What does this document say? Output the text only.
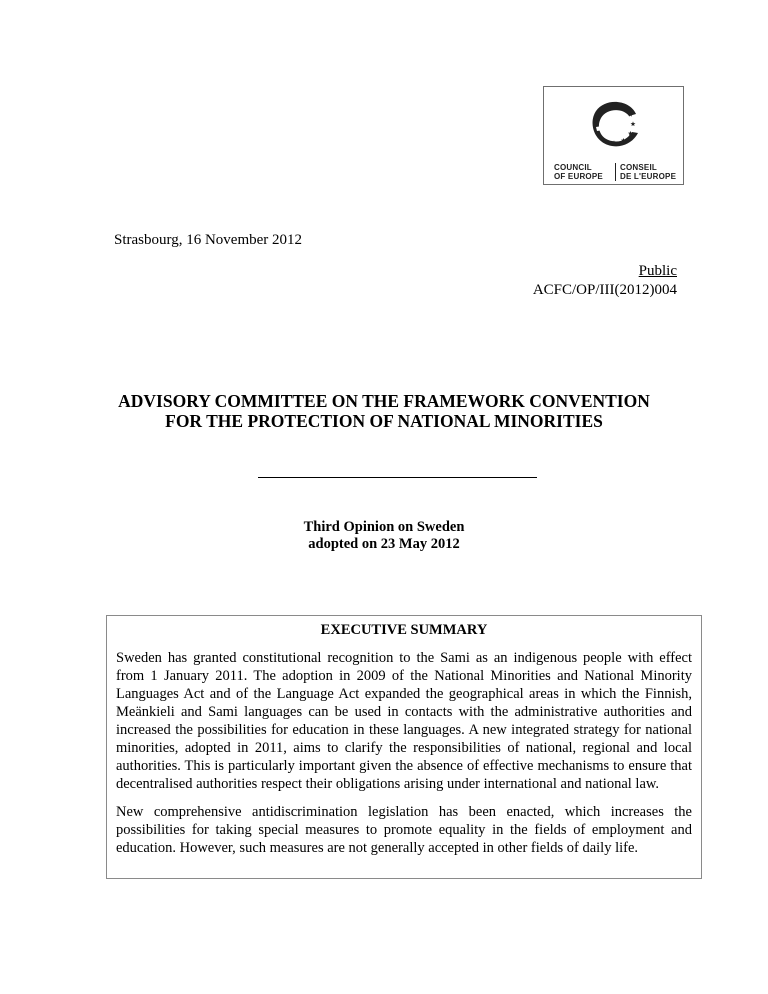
COUNCIL
OF EUROPE
CONSEIL
DE L'EUROPE
Strasbourg, 16 November 2012
Public
ACFC/OP/III(2012)004
ADVISORY COMMITTEE ON THE FRAMEWORK CONVENTION
FOR THE PROTECTION OF NATIONAL MINORITIES
Third Opinion on Sweden
adopted on 23 May 2012
EXECUTIVE SUMMARY

Sweden has granted constitutional recognition to the Sami as an indigenous people with effect from 1 January 2011. The adoption in 2009 of the National Minorities and National Minority Languages Act and of the Language Act expanded the geographical areas in which the Finnish, Meänkieli and Sami languages can be used in contacts with the administrative authorities and increased the possibilities for education in these languages. A new integrated strategy for national minorities, adopted in 2011, aims to clarify the responsibilities of national, regional and local authorities. This is particularly important given the absence of effective mechanisms to ensure that decentralised authorities respect their obligations arising under international and national law.

New comprehensive antidiscrimination legislation has been enacted, which increases the possibilities for taking special measures to promote equality in the fields of employment and education. However, such measures are not generally accepted in other fields of daily life.
